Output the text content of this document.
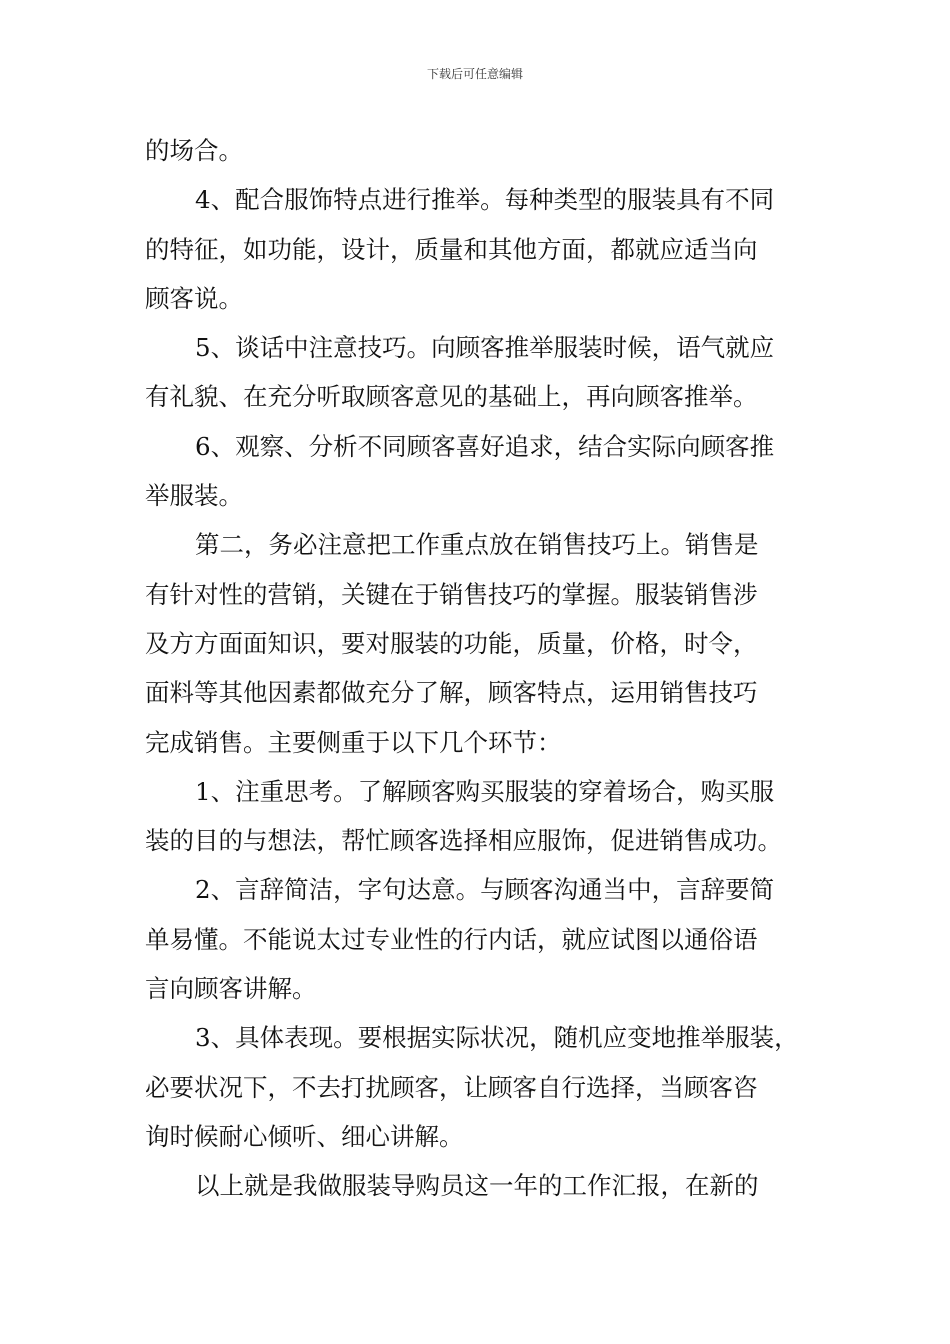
下载后可任意编辑
的场合。
4、配合服饰特点进行推举。每种类型的服装具有不同
的特征，如功能，设计，质量和其他方面，都就应适当向
顾客说。
5、谈话中注意技巧。向顾客推举服装时候，语气就应
有礼貌、在充分听取顾客意见的基础上，再向顾客推举。
6、观察、分析不同顾客喜好追求，结合实际向顾客推
举服装。
第二，务必注意把工作重点放在销售技巧上。销售是
有针对性的营销，关键在于销售技巧的掌握。服装销售涉
及方方面面知识，要对服装的功能，质量，价格，时令，
面料等其他因素都做充分了解，顾客特点，运用销售技巧
完成销售。主要侧重于以下几个环节：
1、注重思考。了解顾客购买服装的穿着场合，购买服
装的目的与想法，帮忙顾客选择相应服饰，促进销售成功。
2、言辞简洁，字句达意。与顾客沟通当中，言辞要简
单易懂。不能说太过专业性的行内话，就应试图以通俗语
言向顾客讲解。
3、具体表现。要根据实际状况，随机应变地推举服装，
必要状况下，不去打扰顾客，让顾客自行选择，当顾客咨
询时候耐心倾听、细心讲解。
以上就是我做服装导购员这一年的工作汇报，在新的
